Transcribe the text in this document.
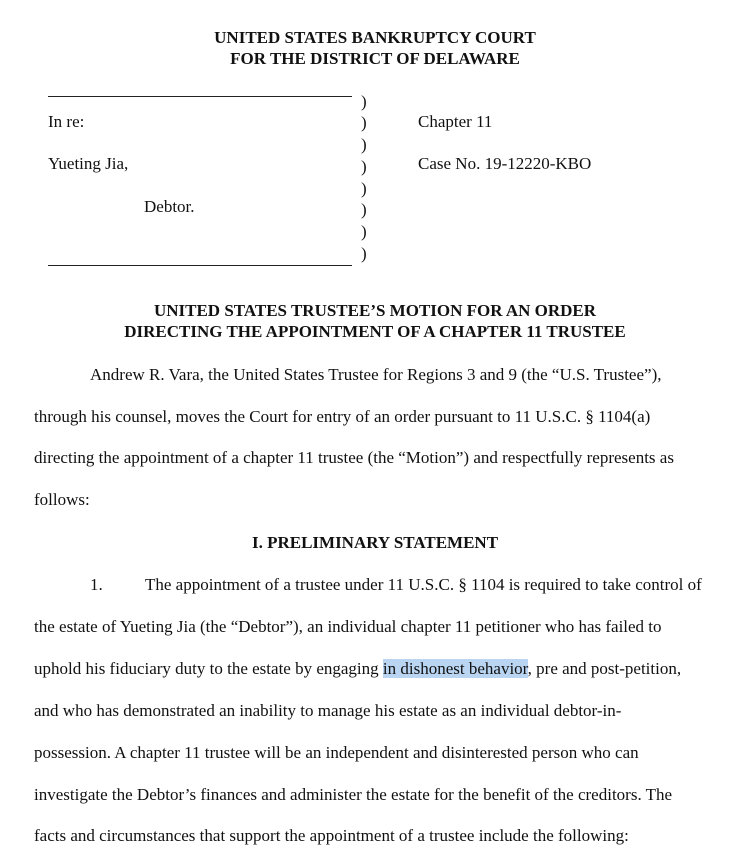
UNITED STATES BANKRUPTCY COURT
FOR THE DISTRICT OF DELAWARE
In re:
Yueting Jia,
Debtor.
)
)
)
)
)
)
)
)
Chapter 11
Case No. 19-12220-KBO
UNITED STATES TRUSTEE’S MOTION FOR AN ORDER
DIRECTING THE APPOINTMENT OF A CHAPTER 11 TRUSTEE
Andrew R. Vara, the United States Trustee for Regions 3 and 9 (the “U.S. Trustee”),
through his counsel, moves the Court for entry of an order pursuant to 11 U.S.C. § 1104(a)
directing the appointment of a chapter 11 trustee (the “Motion”) and respectfully represents as
follows:
I. PRELIMINARY STATEMENT
1. The appointment of a trustee under 11 U.S.C. § 1104 is required to take control of
the estate of Yueting Jia (the “Debtor”), an individual chapter 11 petitioner who has failed to
uphold his fiduciary duty to the estate by engaging in dishonest behavior, pre and post-petition,
and who has demonstrated an inability to manage his estate as an individual debtor-in-
possession. A chapter 11 trustee will be an independent and disinterested person who can
investigate the Debtor’s finances and administer the estate for the benefit of the creditors. The
facts and circumstances that support the appointment of a trustee include the following:
